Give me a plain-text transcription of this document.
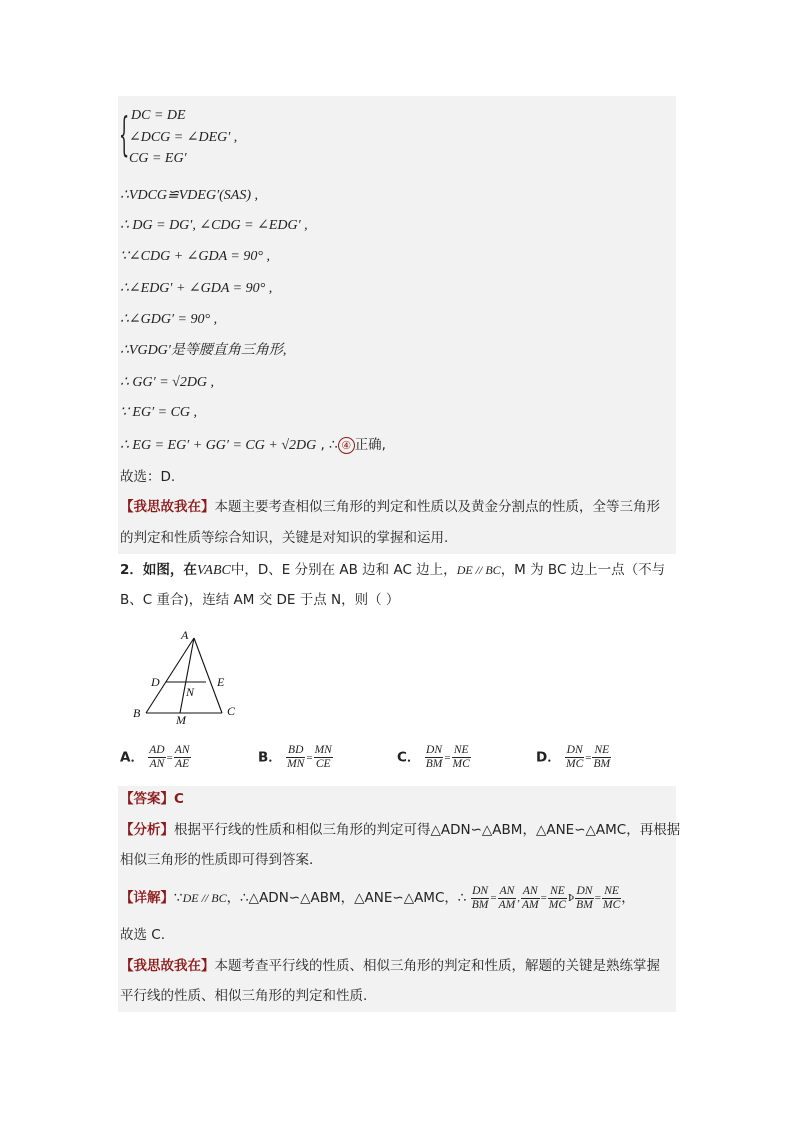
{ DC = DE
∠DCG = ∠DEG′ ,
CG = EG′
∴VDCG≌VDEG′(SAS) ,
∴ DG = DG′, ∠CDG = ∠EDG′ ,
∵∠CDG + ∠GDA = 90° ,
∴∠EDG′ + ∠GDA = 90° ,
∴∠GDG′ = 90° ,
∴VGDG′是等腰直角三角形,
∴ GG′ = √2DG ,
∵ EG′ = CG ,
∴ EG = EG′ + GG′ = CG + √2DG , ∴ ④ 正确,
故选：D.
【我思故我在】本题主要考查相似三角形的判定和性质以及黄金分割点的性质，全等三角形
的判定和性质等综合知识，关键是对知识的掌握和运用.
2．如图，在VABC中，D、E 分别在 AB 边和 AC 边上，DE // BC，M 为 BC 边上一点（不与
B、C 重合)，连结 AM 交 DE 于点 N，则（ ）
A
D	E
N
B	M
C
A． $\frac{AD}{AN} = \frac{AN}{AE}$	B． $\frac{BD}{MN} = \frac{MN}{CE}$	C． $\frac{DN}{BM} = \frac{NE}{MC}$	D． $\frac{DN}{MC} = \frac{NE}{BM}$
【答案】C
【分析】根据平行线的性质和相似三角形的判定可得△ADN∽△ABM，△ANE∽△AMC，再根据
相似三角形的性质即可得到答案.
【详解】∵DE // BC，∴△ADN∽△ABM，△ANE∽△AMC，∴ $\frac{DN}{BM} = \frac{AN}{AM}$ , $\frac{AN}{AM} = \frac{NE}{MC}$ Þ $\frac{DN}{BM} = \frac{NE}{MC}$ ，
故选 C.
【我思故我在】本题考查平行线的性质、相似三角形的判定和性质，解题的关键是熟练掌握
平行线的性质、相似三角形的判定和性质.
